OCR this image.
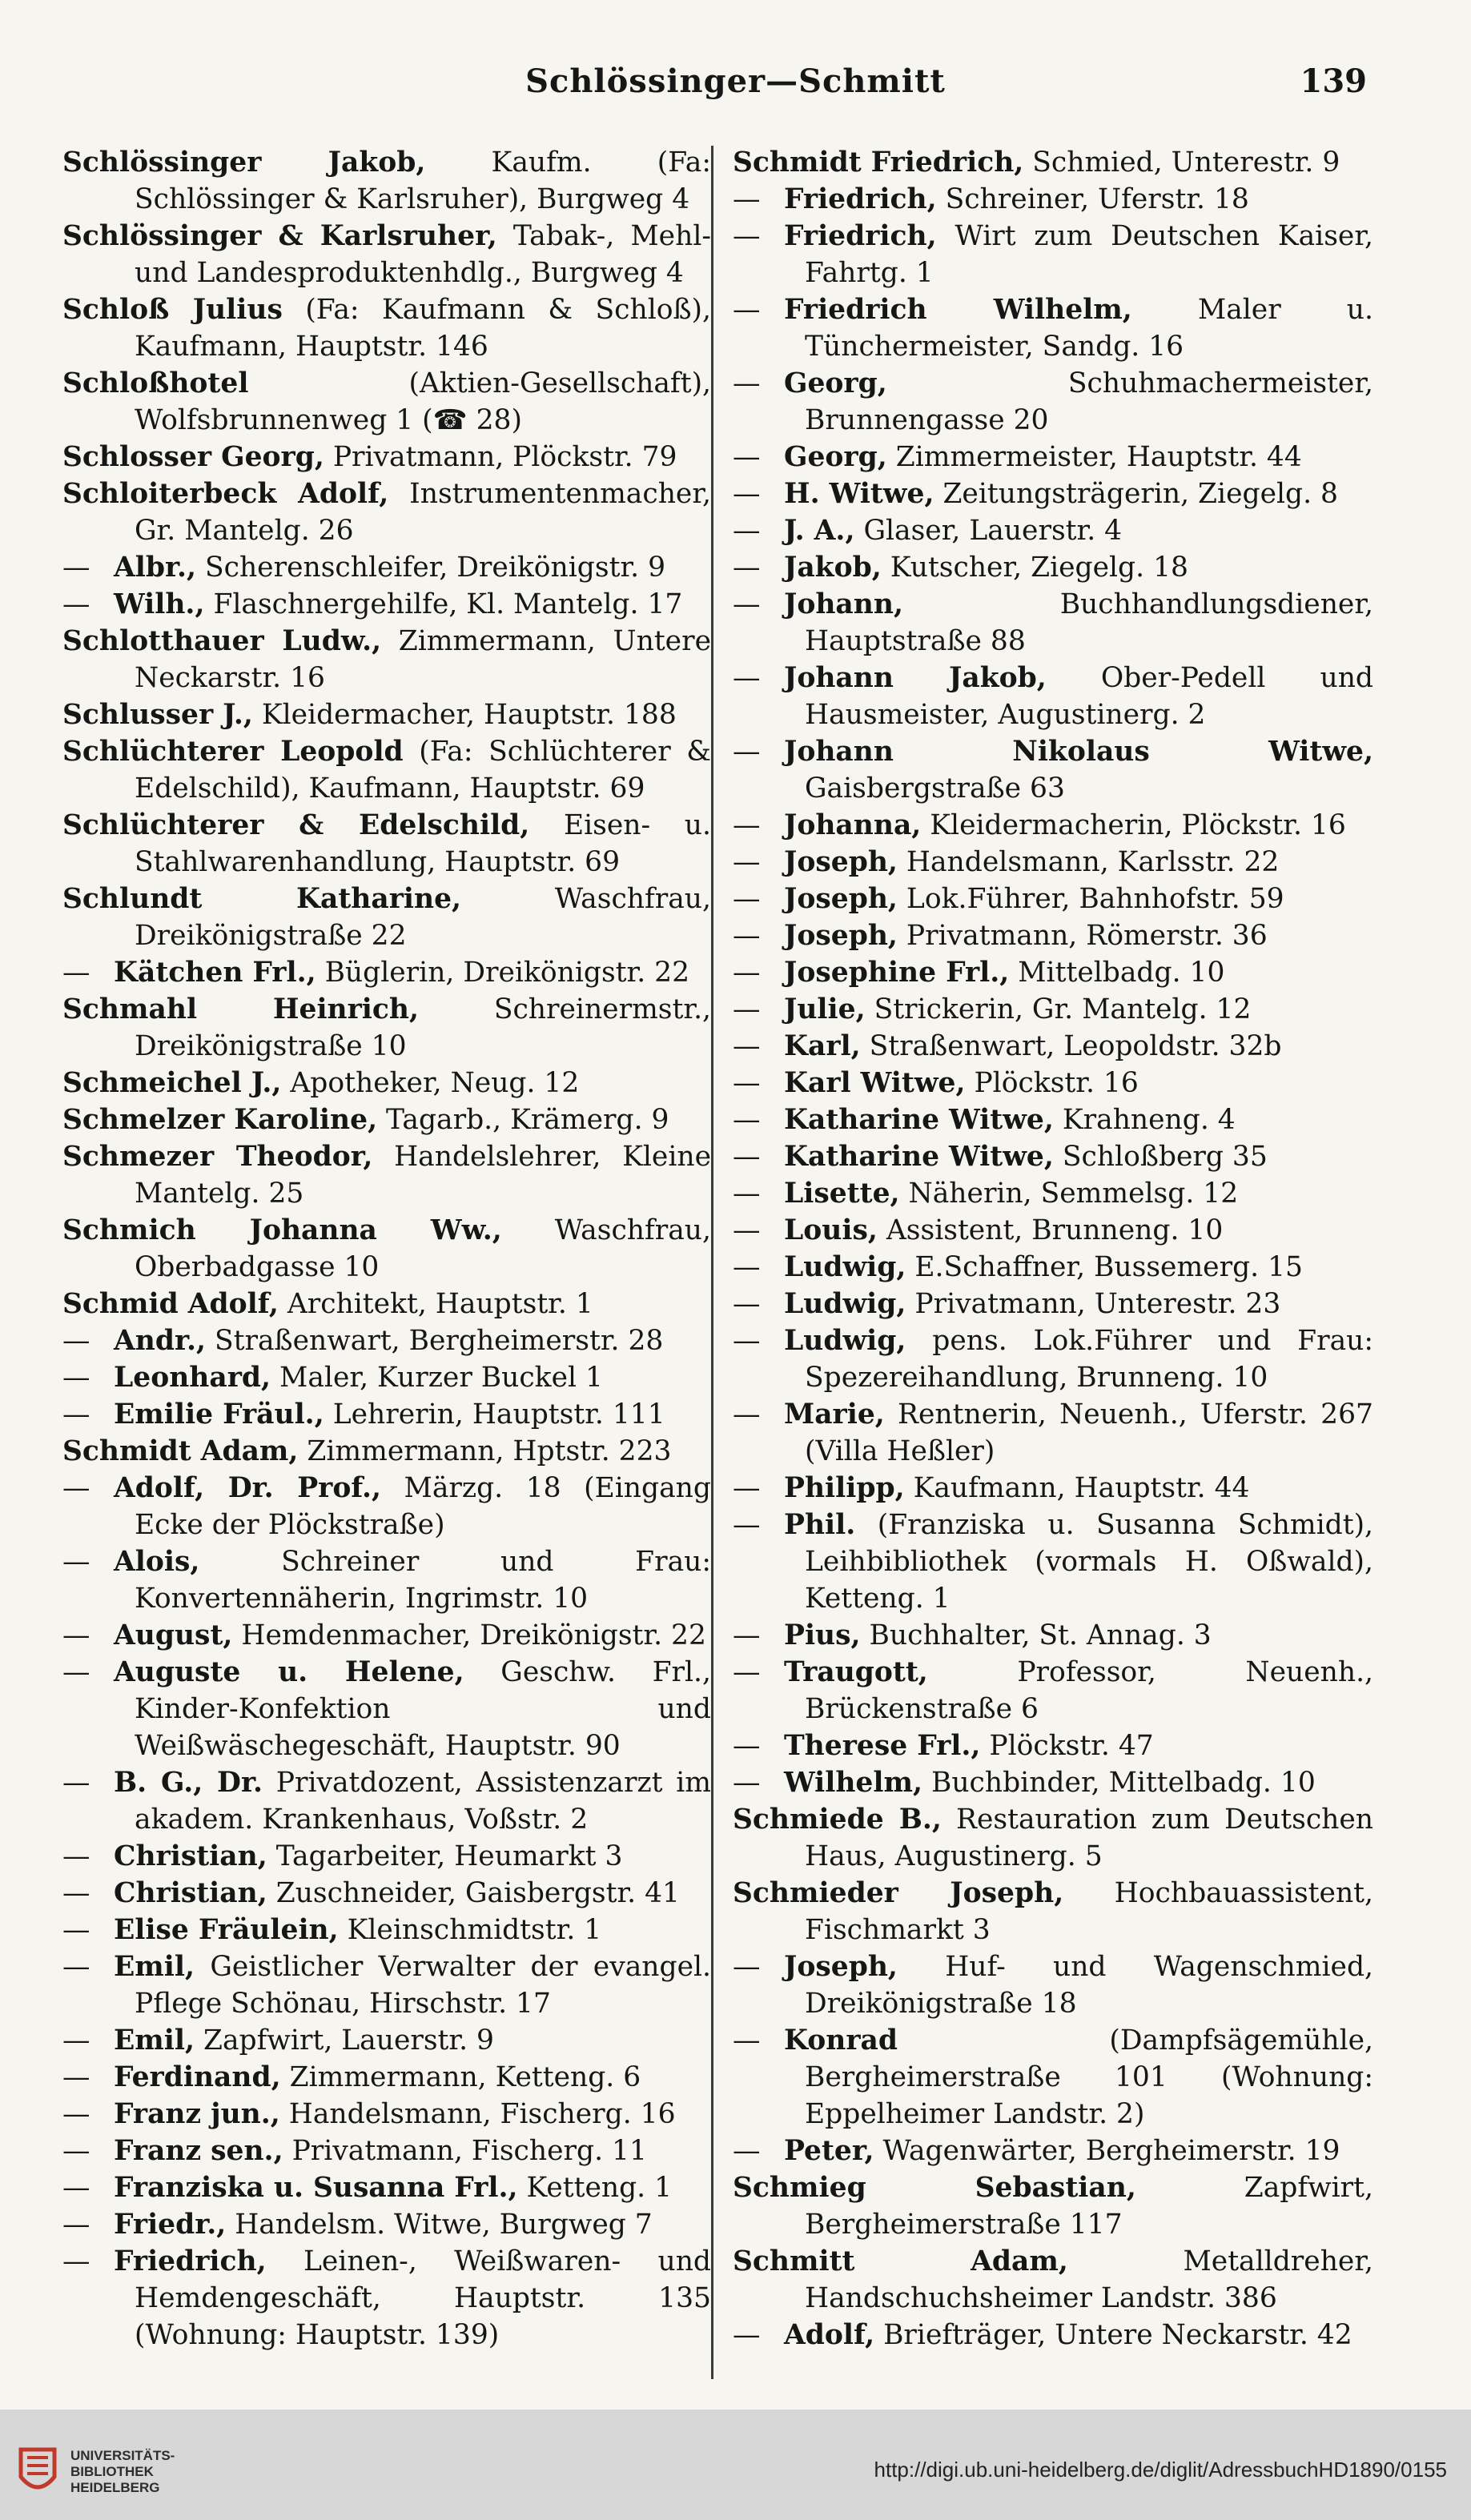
Schlössinger—Schmitt	139
Schlössinger Jakob, Kaufm. (Fa: Schlössinger & Karlsruher), Burgweg 4
Schlössinger & Karlsruher, Tabak-, Mehl- und Landesproduktenhdlg., Burgweg 4
Schloß Julius (Fa: Kaufmann & Schloß), Kaufmann, Hauptstr. 146
Schloßhotel	(Aktien-Gesellschaft), Wolfsbrunnenweg 1 (☎ 28)
Schlosser Georg, Privatmann, Plöckstr. 79
Schloiterbeck Adolf, Instrumentenmacher, Gr. Mantelg. 26
— Albr., Scherenschleifer, Dreikönigstr. 9
— Wilh., Flaschnergehilfe, Kl. Mantelg. 17
Schlotthauer Ludw., Zimmermann, Untere Neckarstr. 16
Schlusser J., Kleidermacher, Hauptstr. 188
Schlüchterer Leopold (Fa: Schlüchterer & Edelschild), Kaufmann, Hauptstr. 69
Schlüchterer & Edelschild, Eisen- u. Stahlwarenhandlung, Hauptstr. 69
Schlundt Katharine,	Waschfrau, Dreikönigstraße 22
— Kätchen Frl., Büglerin, Dreikönigstr. 22
Schmahl Heinrich,	Schreinermstr., Dreikönigstraße 10
Schmeichel J., Apotheker, Neug. 12
Schmelzer Karoline, Tagarb., Krämerg. 9
Schmezer Theodor, Handelslehrer, Kleine Mantelg. 25
Schmich Johanna Ww., Waschfrau, Oberbadgasse 10
Schmid Adolf, Architekt, Hauptstr. 1
— Andr., Straßenwart, Bergheimerstr. 28
— Leonhard, Maler, Kurzer Buckel 1
— Emilie Fräul., Lehrerin, Hauptstr. 111
Schmidt Adam, Zimmermann, Hptstr. 223
— Adolf, Dr. Prof., Märzg. 18 (Eingang Ecke der Plöckstraße)
— Alois,	Schreiner und Frau: Konvertennäherin, Ingrimstr. 10
— August, Hemdenmacher, Dreikönigstr. 22
— Auguste u. Helene, Geschw. Frl., Kinder-Konfektion und Weißwäschegeschäft, Hauptstr. 90
— B. G., Dr. Privatdozent, Assistenzarzt im akadem. Krankenhaus, Voßstr. 2
— Christian, Tagarbeiter, Heumarkt 3
— Christian, Zuschneider, Gaisbergstr. 41
— Elise Fräulein, Kleinschmidtstr. 1
— Emil, Geistlicher Verwalter der evangel. Pflege Schönau, Hirschstr. 17
— Emil, Zapfwirt, Lauerstr. 9
— Ferdinand, Zimmermann, Ketteng. 6
— Franz jun., Handelsmann, Fischerg. 16
— Franz sen., Privatmann, Fischerg. 11
— Franziska u. Susanna Frl., Ketteng. 1
— Friedr., Handelsm. Witwe, Burgweg 7
— Friedrich, Leinen-, Weißwaren- und Hemdengeschäft, Hauptstr. 135 (Wohnung: Hauptstr. 139)
Schmidt Friedrich, Schmied, Unterestr. 9
— Friedrich, Schreiner, Uferstr. 18
— Friedrich, Wirt zum Deutschen Kaiser, Fahrtg. 1
— Friedrich Wilhelm, Maler u. Tünchermeister, Sandg. 16
— Georg,	Schuhmachermeister, Brunnengasse 20
— Georg, Zimmermeister, Hauptstr. 44
— H. Witwe, Zeitungsträgerin, Ziegelg. 8
— J. A., Glaser, Lauerstr. 4
— Jakob, Kutscher, Ziegelg. 18
— Johann,	Buchhandlungsdiener, Hauptstraße 88
— Johann Jakob, Ober-Pedell und Hausmeister, Augustinerg. 2
— Johann Nikolaus Witwe, Gaisbergstraße 63
— Johanna, Kleidermacherin, Plöckstr. 16
— Joseph, Handelsmann, Karlsstr. 22
— Joseph, Lok.Führer, Bahnhofstr. 59
— Joseph, Privatmann, Römerstr. 36
— Josephine Frl., Mittelbadg. 10
— Julie, Strickerin, Gr. Mantelg. 12
— Karl, Straßenwart, Leopoldstr. 32b
— Karl Witwe, Plöckstr. 16
— Katharine Witwe, Krahneng. 4
— Katharine Witwe, Schloßberg 35
— Lisette, Näherin, Semmelsg. 12
— Louis, Assistent, Brunneng. 10
— Ludwig, E.Schaffner, Bussemerg. 15
— Ludwig, Privatmann, Unterestr. 23
— Ludwig, pens. Lok.Führer und Frau: Spezereihandlung, Brunneng. 10
— Marie, Rentnerin, Neuenh., Uferstr. 267 (Villa Heßler)
— Philipp, Kaufmann, Hauptstr. 44
— Phil. (Franziska u. Susanna Schmidt), Leihbibliothek (vormals H. Oßwald), Ketteng. 1
— Pius, Buchhalter, St. Annag. 3
— Traugott,	Professor, Neuenh., Brückenstraße 6
— Therese Frl., Plöckstr. 47
— Wilhelm, Buchbinder, Mittelbadg. 10
Schmiede B., Restauration zum Deutschen Haus, Augustinerg. 5
Schmieder Joseph, Hochbauassistent, Fischmarkt 3
— Joseph, Huf- und Wagenschmied, Dreikönigstraße 18
— Konrad	(Dampfsägemühle, Bergheimerstraße 101 (Wohnung: Eppelheimer Landstr. 2)
— Peter, Wagenwärter, Bergheimerstr. 19
Schmieg Sebastian,	Zapfwirt, Bergheimerstraße 117
Schmitt Adam,	Metalldreher, Handschuchsheimer Landstr. 386
— Adolf, Briefträger, Untere Neckarstr. 42
UNIVERSITÄTS-
BIBLIOTHEK
HEIDELBERG
http://digi.ub.uni-heidelberg.de/diglit/AdressbuchHD1890/0155
